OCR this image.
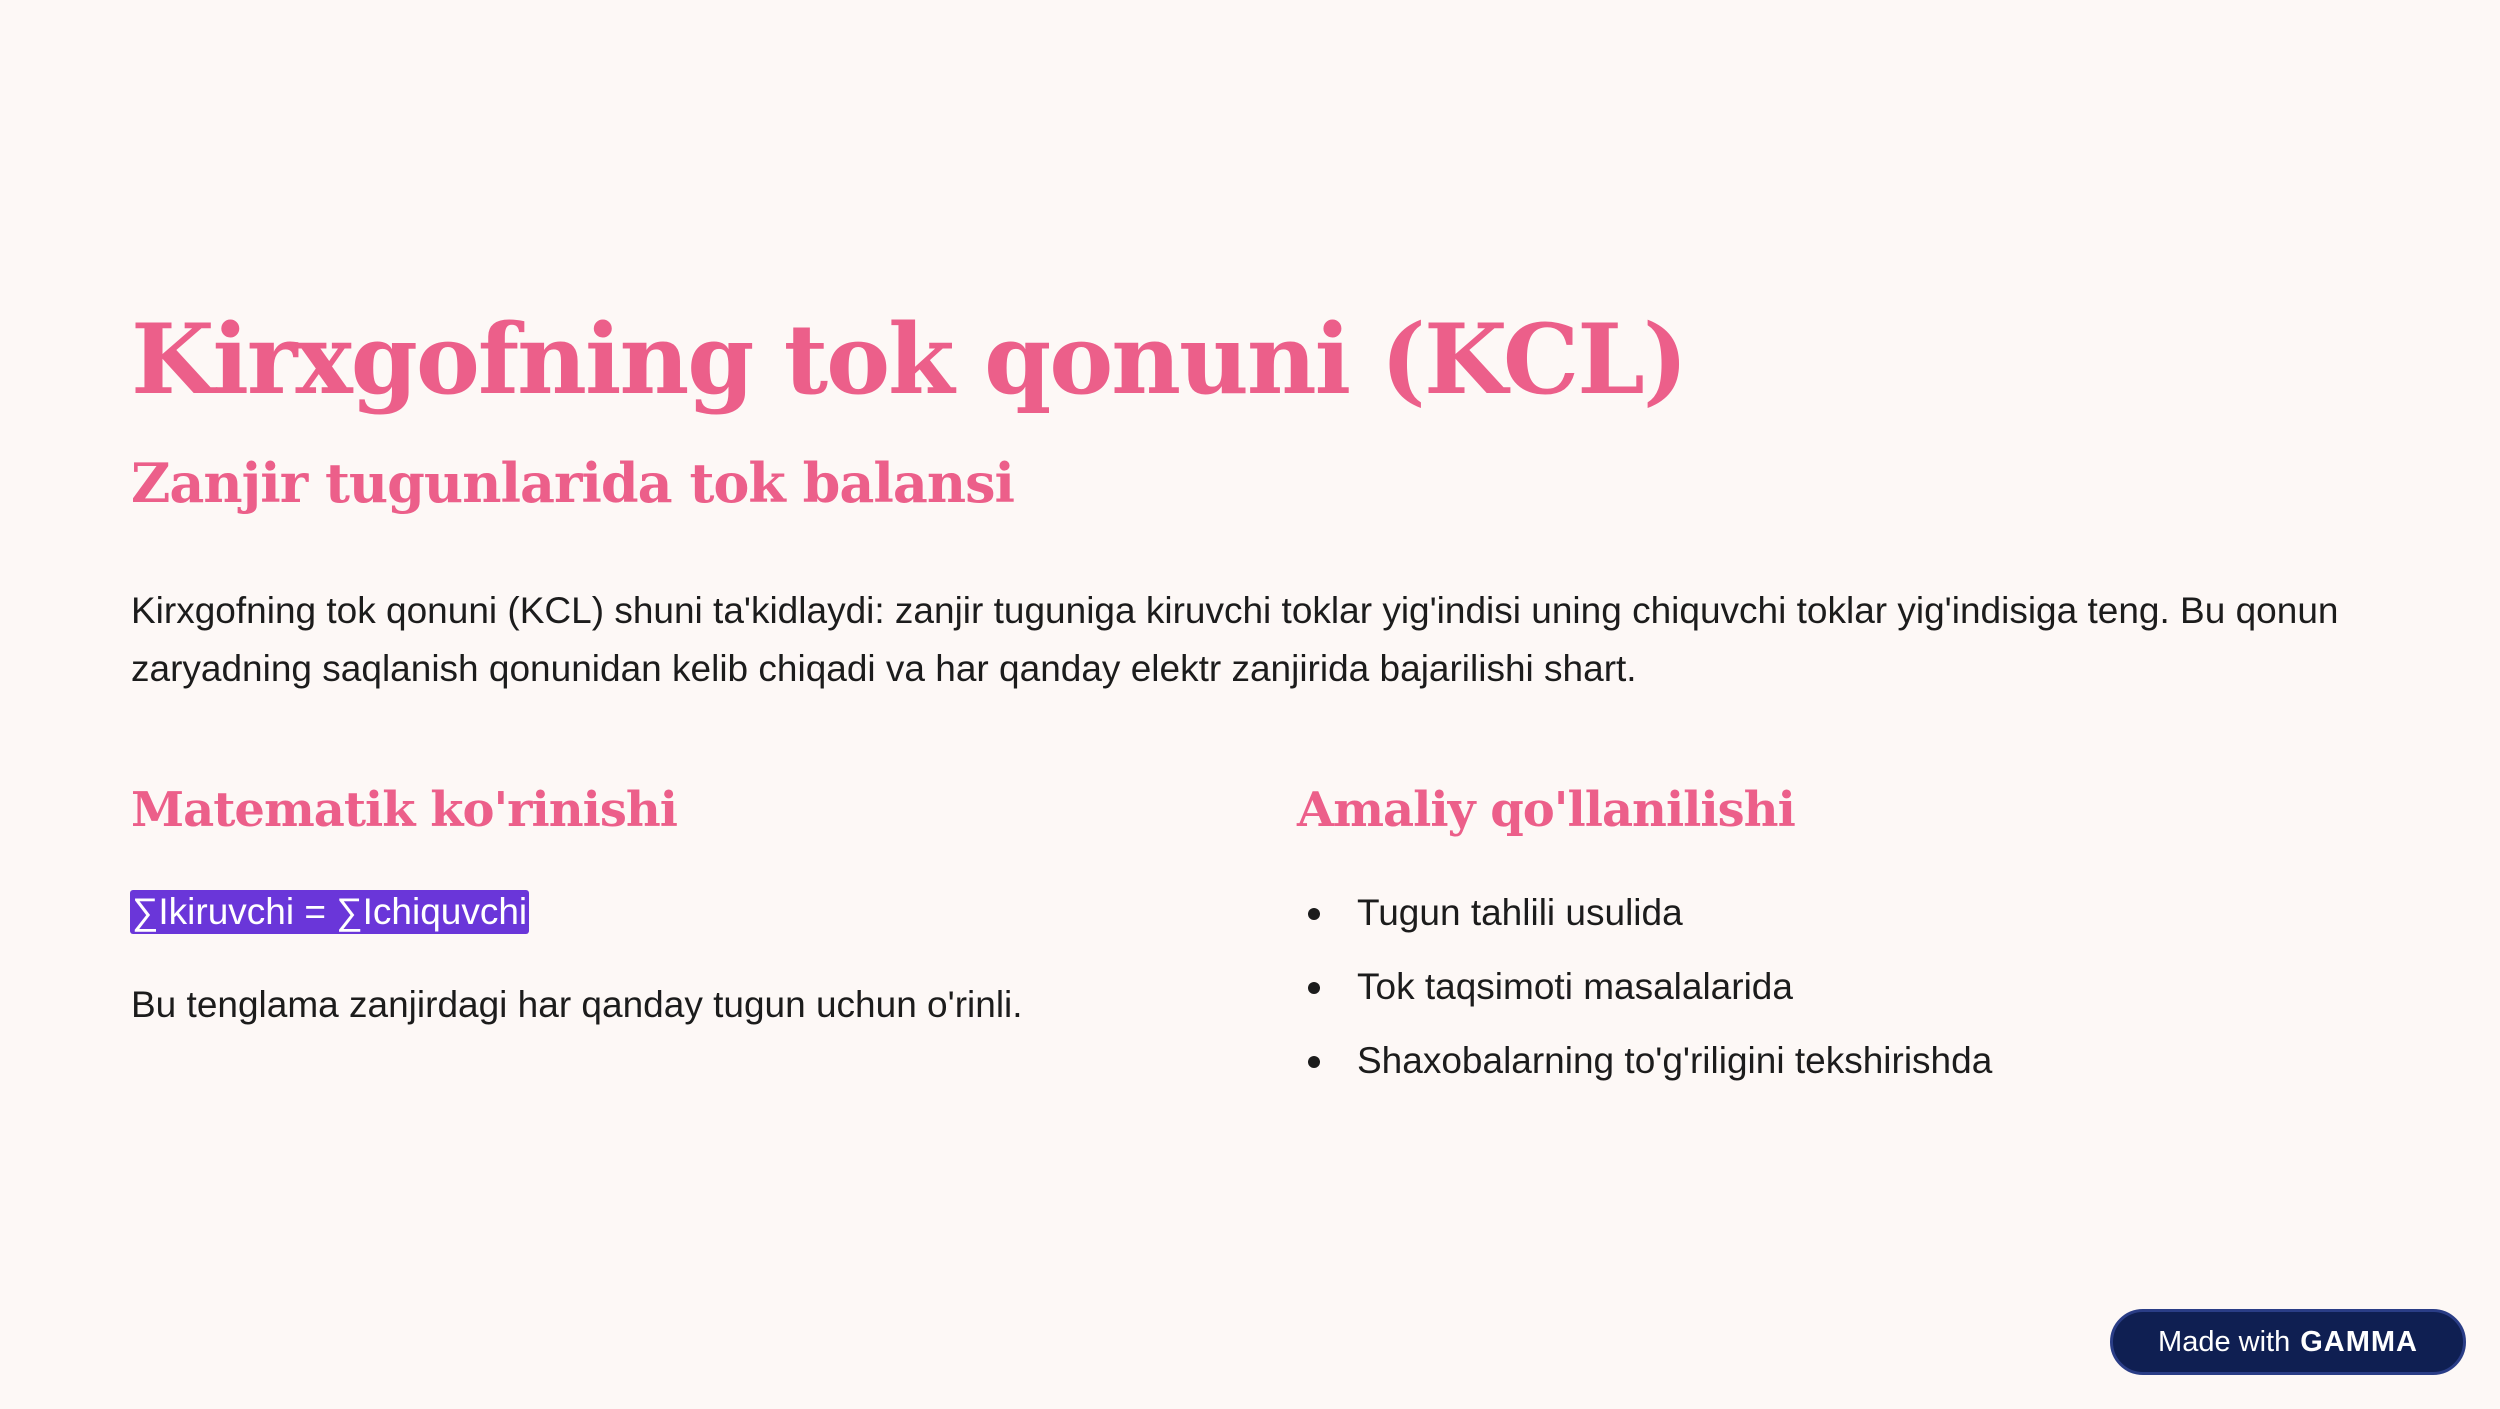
Kirxgofning tok qonuni (KCL)
Zanjir tugunlarida tok balansi

Kirxgofning tok qonuni (KCL) shuni ta'kidlaydi: zanjir tuguniga kiruvchi toklar yig'indisi uning chiquvchi toklar yig'indisiga teng. Bu qonun zaryadning saqlanish qonunidan kelib chiqadi va har qanday elektr zanjirida bajarilishi shart.

Matematik ko'rinishi
∑Ikiruvchi = ∑Ichiquvchi

Bu tenglama zanjirdagi har qanday tugun uchun o'rinli.

Amaliy qo'llanilishi
Tugun tahlili usulida
Tok taqsimoti masalalarida
Shaxobalarning to'g'riligini tekshirishda
Made with GAMMA
